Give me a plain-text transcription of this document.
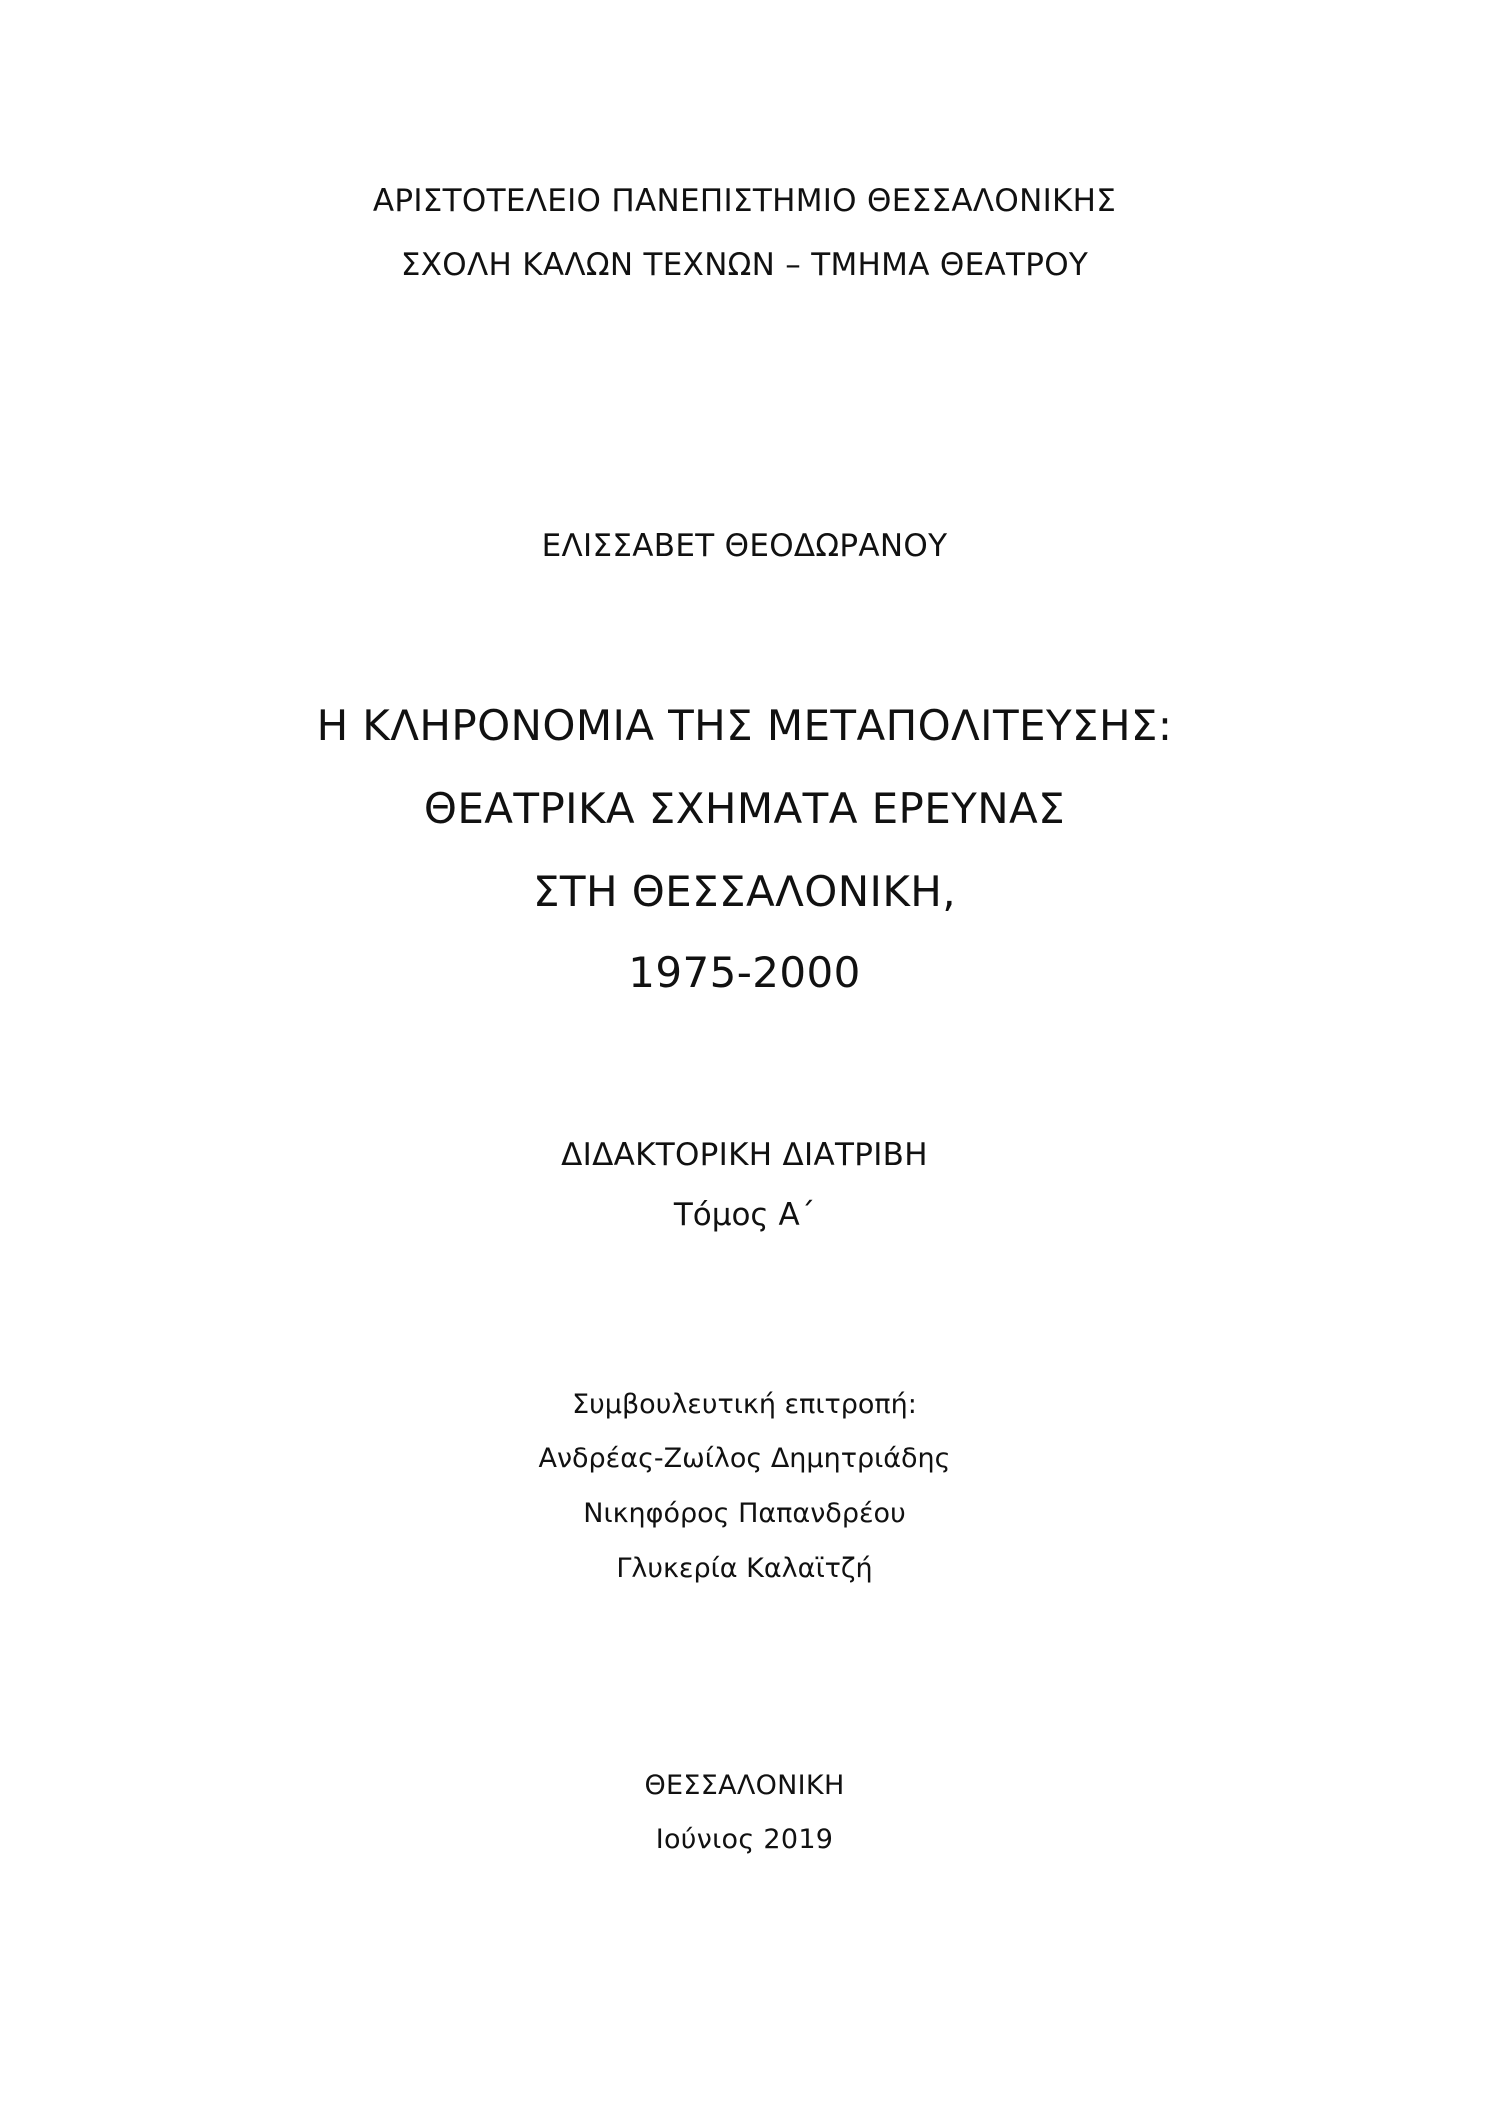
ΑΡΙΣΤΟΤΕΛΕΙΟ ΠΑΝΕΠΙΣΤΗΜΙΟ ΘΕΣΣΑΛΟΝΙΚΗΣ
ΣΧΟΛΗ ΚΑΛΩΝ ΤΕΧΝΩΝ – ΤΜΗΜΑ ΘΕΑΤΡΟΥ
ΕΛΙΣΣΑΒΕΤ ΘΕΟΔΩΡΑΝΟΥ
Η ΚΛΗΡΟΝΟΜΙΑ ΤΗΣ ΜΕΤΑΠΟΛΙΤΕΥΣΗΣ:
ΘΕΑΤΡΙΚΑ ΣΧΗΜΑΤΑ ΕΡΕΥΝΑΣ
ΣΤΗ ΘΕΣΣΑΛΟΝΙΚΗ,
1975-2000
ΔΙΔΑΚΤΟΡΙΚΗ ΔΙΑΤΡΙΒΗ
Τόμος Α΄
Συμβουλευτική επιτροπή:
Ανδρέας-Ζωίλος Δημητριάδης
Νικηφόρος Παπανδρέου
Γλυκερία Καλαϊτζή
ΘΕΣΣΑΛΟΝΙΚΗ
Ιούνιος 2019
